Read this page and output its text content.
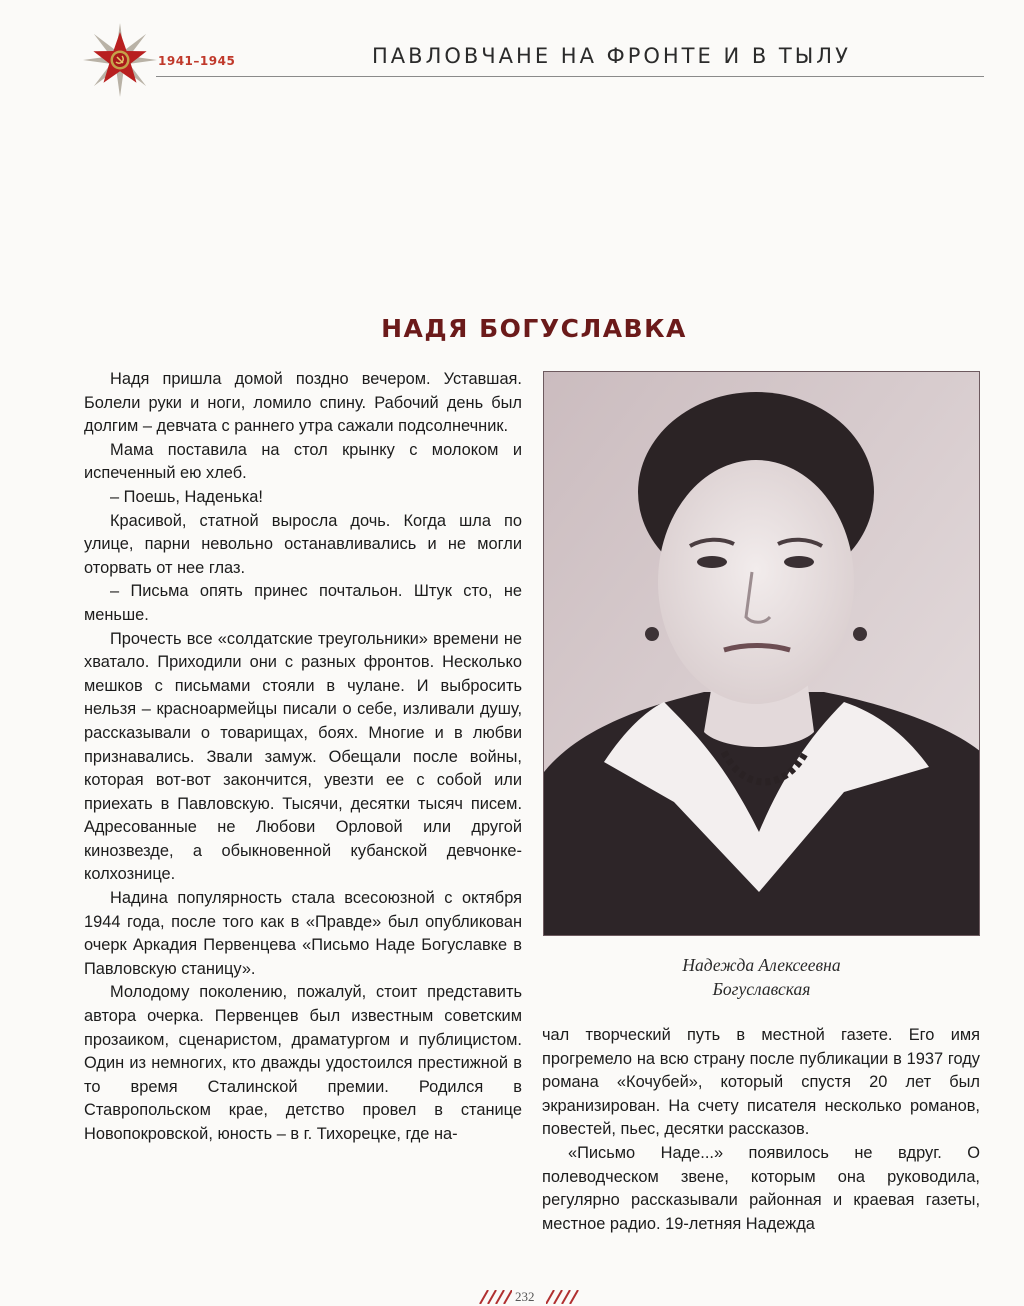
1941–1945	ПАВЛОВЧАНЕ НА ФРОНТЕ И В ТЫЛУ
НАДЯ БОГУСЛАВКА

Надя пришла домой поздно вечером. Уставшая. Болели руки и ноги, ломило спину. Рабочий день был долгим – девчата с раннего утра сажали подсолнечник.

Мама поставила на стол крынку с молоком и испеченный ею хлеб.

– Поешь, Наденька!

Красивой, статной выросла дочь. Когда шла по улице, парни невольно останавливались и не могли оторвать от нее глаз.

– Письма опять принес почтальон. Штук сто, не меньше.

Прочесть все «солдатские треугольники» времени не хватало. Приходили они с разных фронтов. Несколько мешков с письмами стояли в чулане. И выбросить нельзя – красноармейцы писали о себе, изливали душу, рассказывали о товарищах, боях. Многие и в любви признавались. Звали замуж. Обещали после войны, которая вот-вот закончится, увезти ее с собой или приехать в Павловскую. Тысячи, десятки тысяч писем. Адресованные не Любови Орловой или другой кинозвезде, а обыкновенной кубанской девчонке-колхознице.

Надина популярность стала всесоюзной с октября 1944 года, после того как в «Правде» был опубликован очерк Аркадия Первенцева «Письмо Наде Богуславке в Павловскую станицу».

Молодому поколению, пожалуй, стоит представить автора очерка. Первенцев был известным советским прозаиком, сценаристом, драматургом и публицистом. Один из немногих, кто дважды удостоился престижной в то время Сталинской премии. Родился в Ставропольском крае, детство провел в станице Новопокровской, юность – в г. Тихорецке, где на-

Надежда Алексеевна
Богуславская

чал творческий путь в местной газете. Его имя прогремело на всю страну после публикации в 1937 году романа «Кочубей», который спустя 20 лет был экранизирован. На счету писателя несколько романов, повестей, пьес, десятки рассказов.

«Письмо Наде...» появилось не вдруг. О полеводческом звене, которым она руководила, регулярно рассказывали районная и краевая газеты, местное радио. 19-летняя Надежда

232
